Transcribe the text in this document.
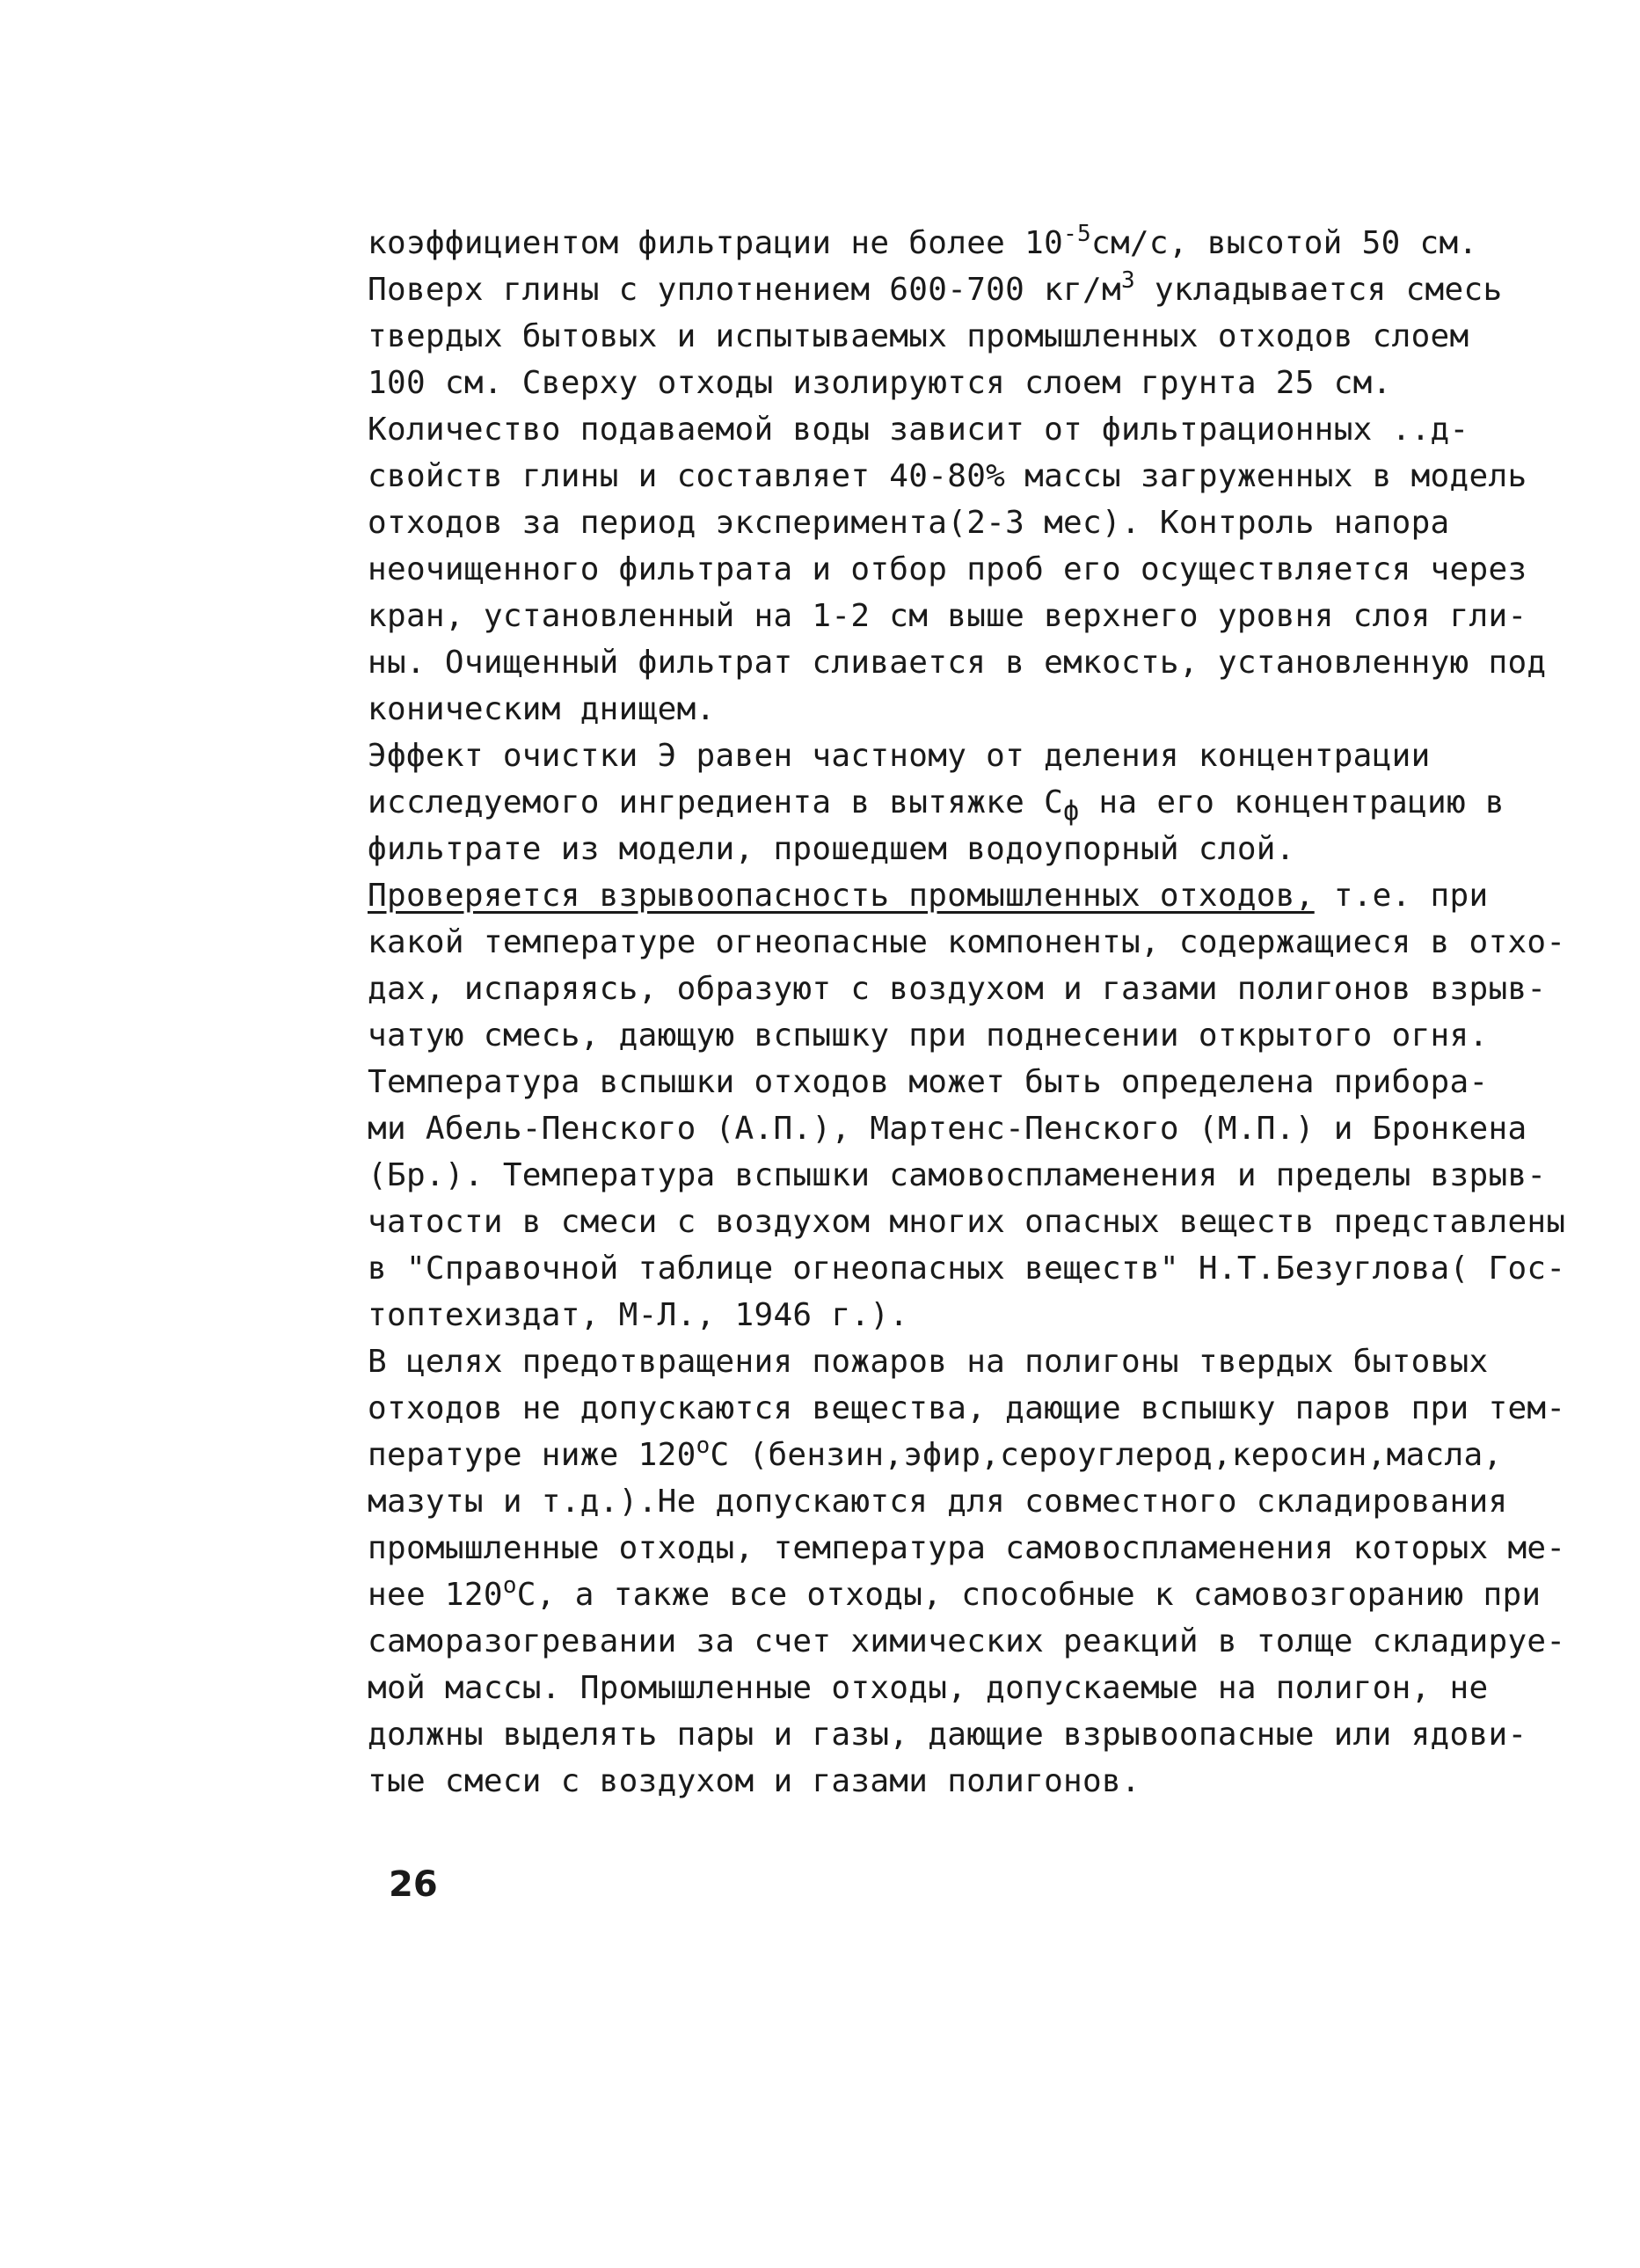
коэффициентом фильтрации не более $10^{-5}см/с$, высотой 50 см.
Поверх глины с уплотнением 600-700 $кг/м^3$ укладывается смесь
твердых бытовых и испытываемых промышленных отходов слоем
100 см. Сверху отходы изолируются слоем грунта 25 см.
Количество подаваемой воды зависит от фильтрационных ..д-
свойств глины и составляет 40-80% массы загруженных в модель
отходов за период эксперимента(2-3 мес). Контроль напора
неочищенного фильтрата и отбор проб его осуществляется через
кран, установленный на 1-2 см выше верхнего уровня слоя гли-
ны. Очищенный фильтрат сливается в емкость, установленную под
коническим днищем.
Эффект очистки Э равен частному от деления концентрации
исследуемого ингредиента в вытяжке $С_ф$ на его концентрацию в
фильтрате из модели, прошедшем водоупорный слой.
Проверяется взрывоопасность промышленных отходов, т.е. при
какой температуре огнеопасные компоненты, содержащиеся в отхо-
дах, испаряясь, образуют с воздухом и газами полигонов взрыв-
чатую смесь, дающую вспышку при поднесении открытого огня.
Температура вспышки отходов может быть определена прибора-
ми Абель-Пенского (А.П.), Мартенс-Пенского (М.П.) и Бронкена
(Бр.). Температура вспышки самовоспламенения и пределы взрыв-
чатости в смеси с воздухом многих опасных веществ представлены
в "Справочной таблице огнеопасных веществ" Н.Т.Безуглова( Гос-
топтехиздат, М-Л., 1946 г.).
В целях предотвращения пожаров на полигоны твердых бытовых
отходов не допускаются вещества, дающие вспышку паров при тем-
пературе ниже $120^оС$ (бензин,эфир,сероуглерод,керосин,масла,
мазуты и т.д.).Не допускаются для совместного складирования
промышленные отходы, температура самовоспламенения которых ме-
нее $120^оС$, а также все отходы, способные к самовозгоранию при
саморазогревании за счет химических реакций в толще складируе-
мой массы. Промышленные отходы, допускаемые на полигон, не
должны выделять пары и газы, дающие взрывоопасные или ядови-
тые смеси с воздухом и газами полигонов.
26
